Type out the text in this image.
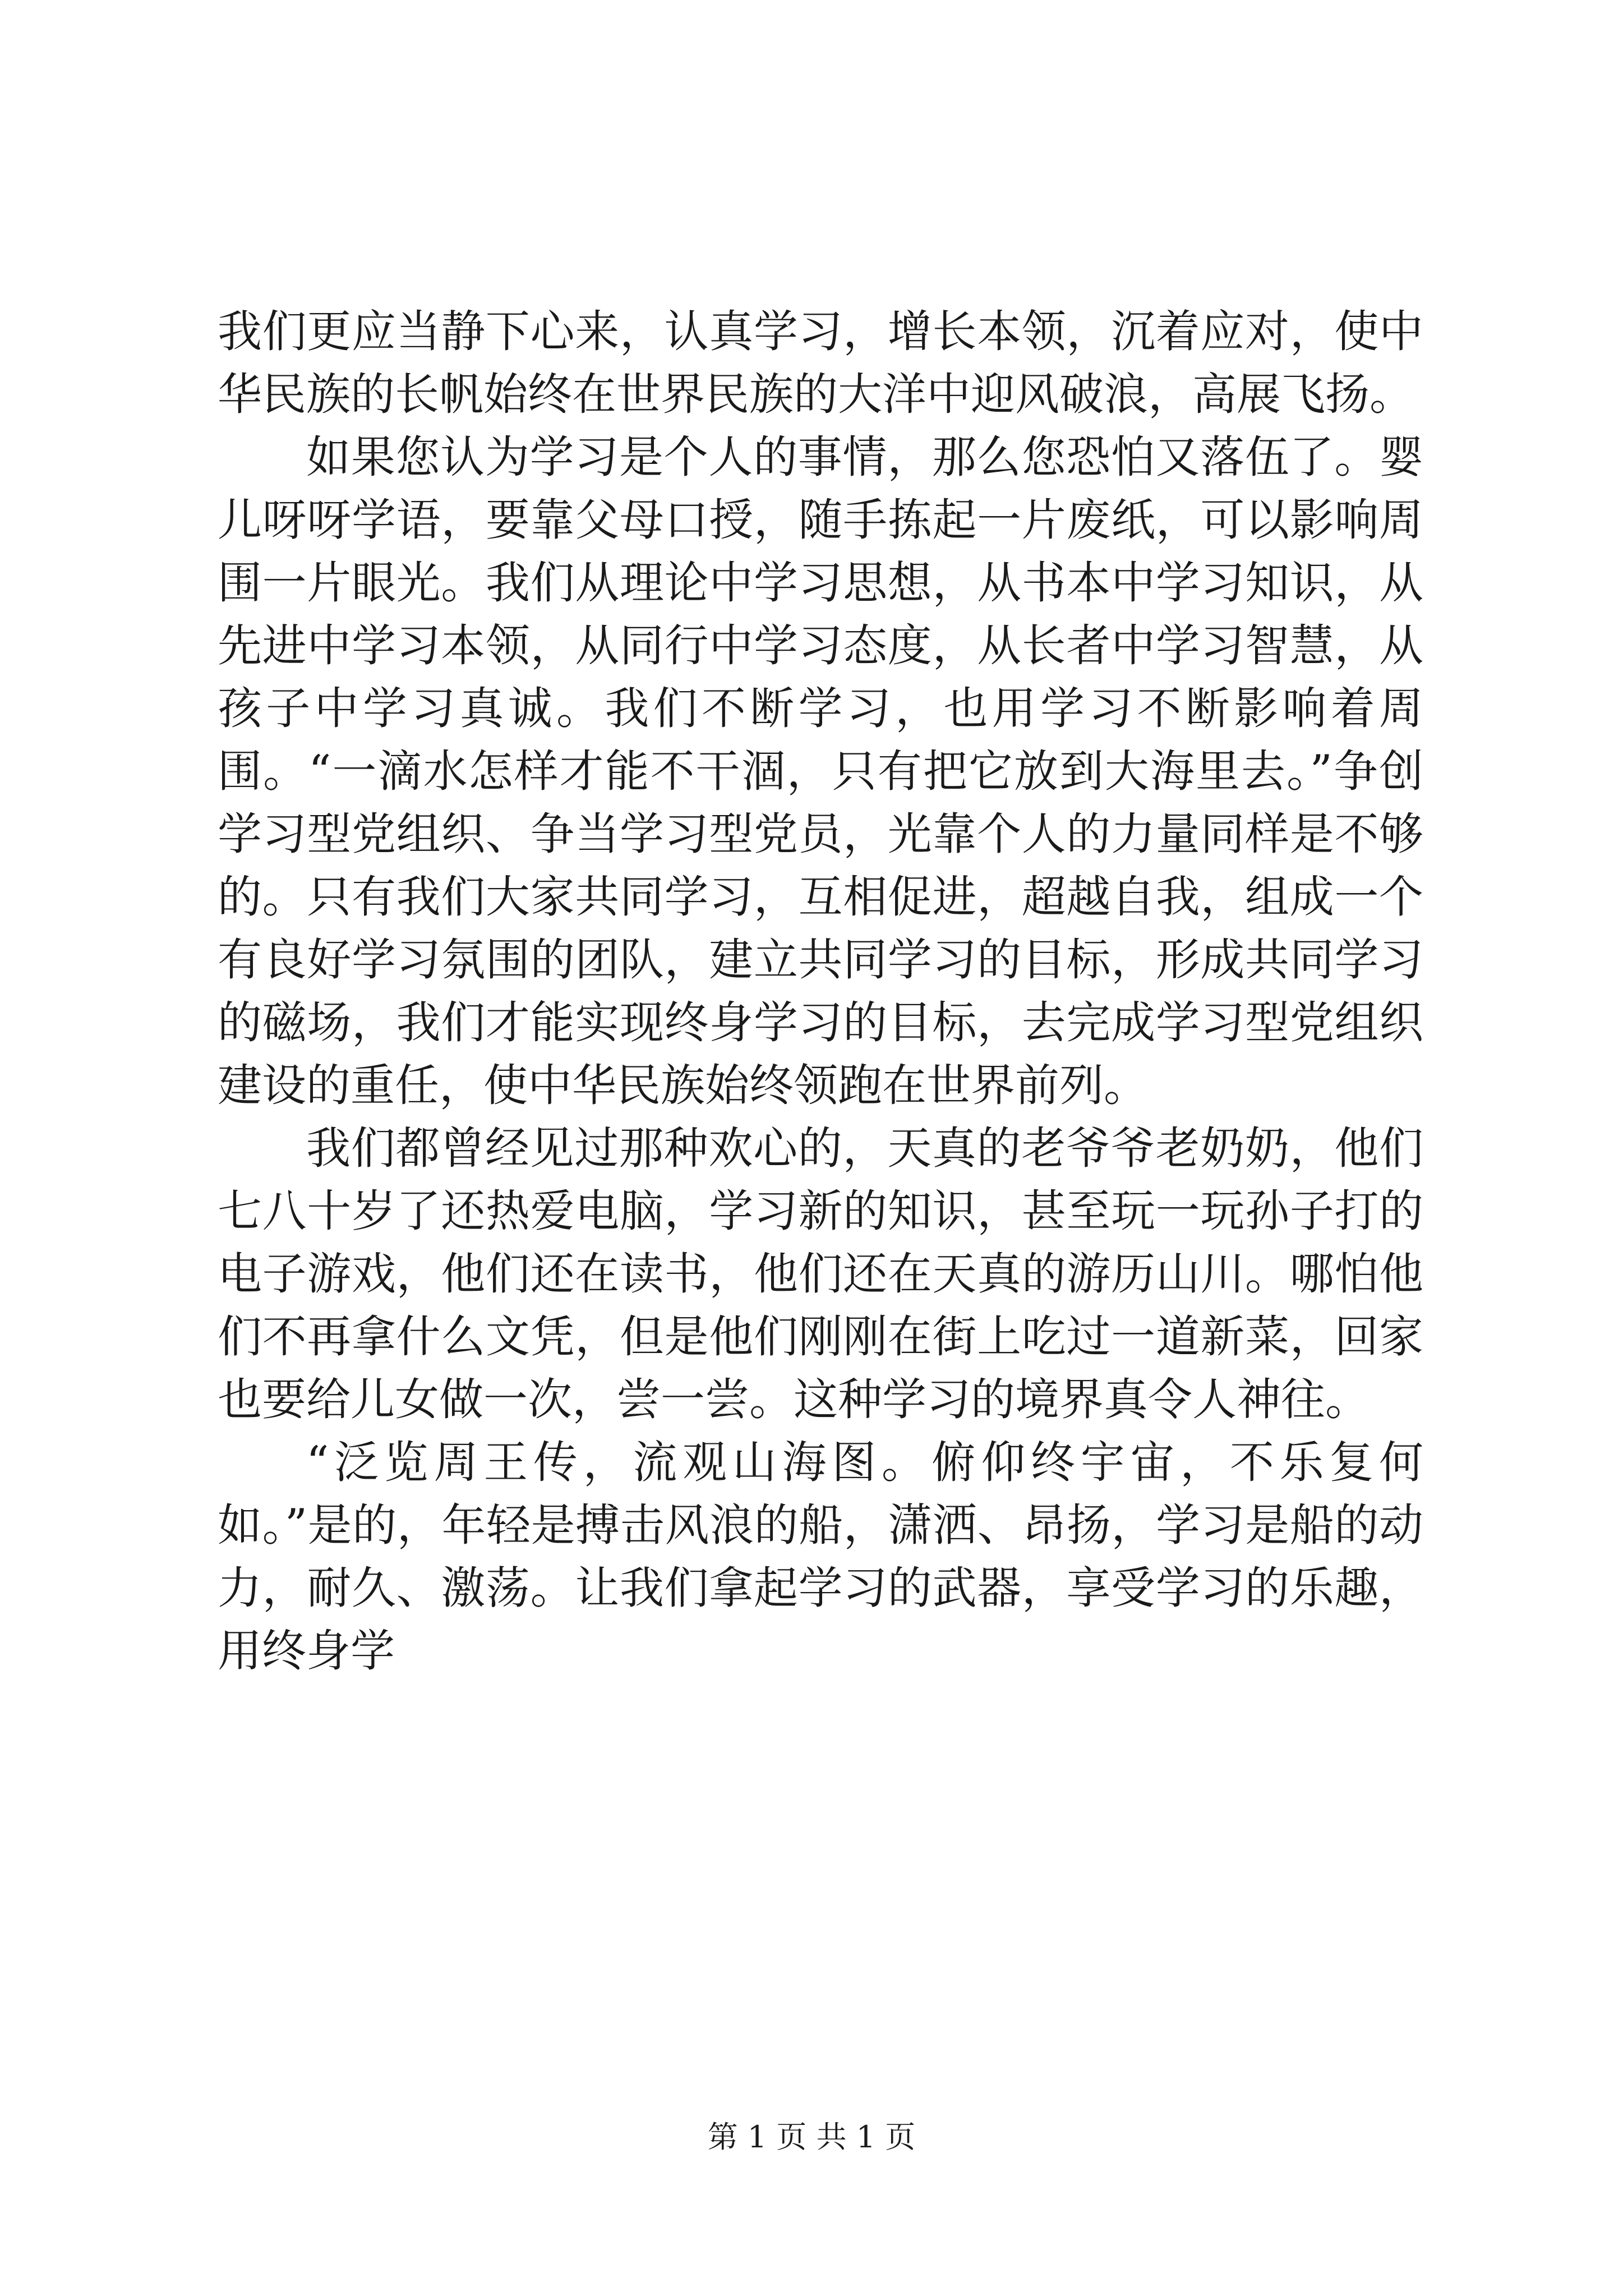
我们更应当静下心来，认真学习，增长本领，沉着应对，使中华民族的长帆始终在世界民族的大洋中迎风破浪，高展飞扬。

如果您认为学习是个人的事情，那么您恐怕又落伍了。婴儿呀呀学语，要靠父母口授，随手拣起一片废纸，可以影响周围一片眼光。我们从理论中学习思想，从书本中学习知识，从先进中学习本领，从同行中学习态度，从长者中学习智慧，从孩子中学习真诚。我们不断学习，也用学习不断影响着周围。“一滴水怎样才能不干涸，只有把它放到大海里去。”争创学习型党组织、争当学习型党员，光靠个人的力量同样是不够的。只有我们大家共同学习，互相促进，超越自我，组成一个有良好学习氛围的团队，建立共同学习的目标，形成共同学习的磁场，我们才能实现终身学习的目标，去完成学习型党组织建设的重任，使中华民族始终领跑在世界前列。

我们都曾经见过那种欢心的，天真的老爷爷老奶奶，他们七八十岁了还热爱电脑，学习新的知识，甚至玩一玩孙子打的电子游戏，他们还在读书，他们还在天真的游历山川。哪怕他们不再拿什么文凭，但是他们刚刚在街上吃过一道新菜，回家也要给儿女做一次，尝一尝。这种学习的境界真令人神往。

“泛览周王传，流观山海图。俯仰终宇宙，不乐复何如。”是的，年轻是搏击风浪的船，潇洒、昂扬，学习是船的动力，耐久、激荡。让我们拿起学习的武器，享受学习的乐趣，用终身学

第 1 页 共 1 页
